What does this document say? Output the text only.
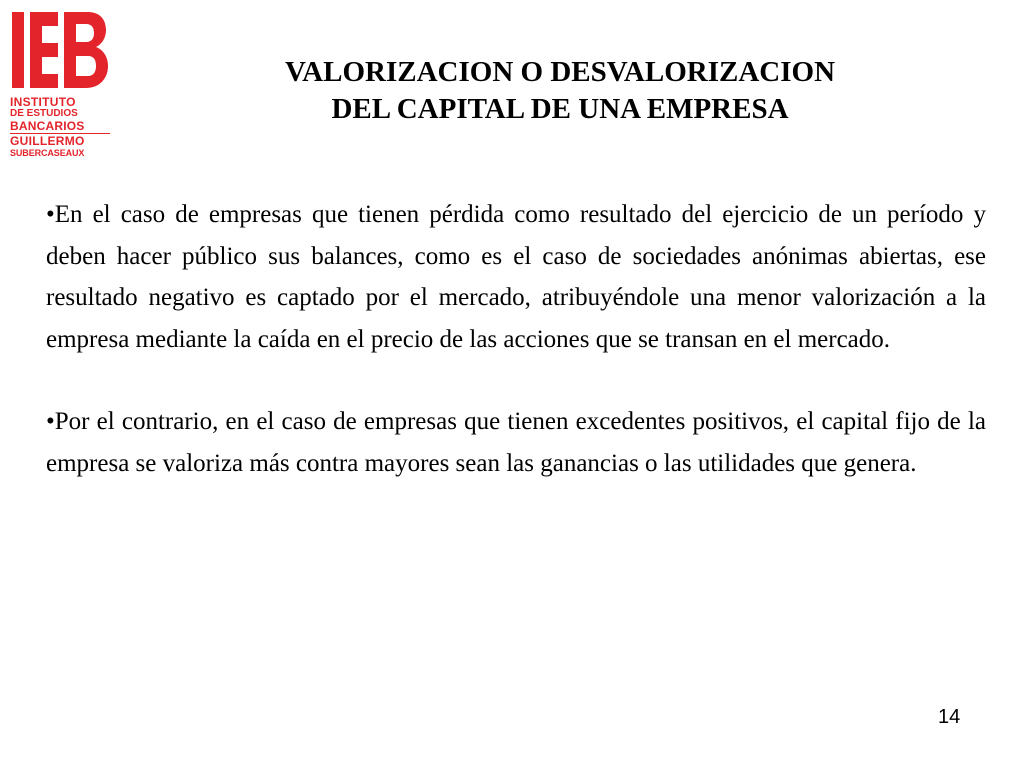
INSTITUTO
DE ESTUDIOS
BANCARIOS
GUILLERMO
SUBERCASEAUX
VALORIZACION O DESVALORIZACION
DEL CAPITAL DE UNA EMPRESA

•En el caso de empresas que tienen pérdida como resultado del ejercicio de un período y deben hacer público sus balances, como es el caso de sociedades anónimas abiertas, ese resultado negativo es captado por el mercado, atribuyéndole una menor valorización a la empresa mediante la caída en el precio de las acciones que se transan en el mercado.

•Por el contrario, en el caso de empresas que tienen excedentes positivos, el capital fijo de la empresa se valoriza más contra mayores sean las ganancias o las utilidades que genera.

14
